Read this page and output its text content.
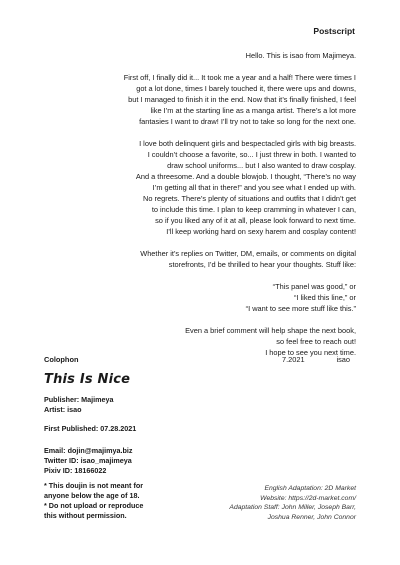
Postscript

Hello. This is isao from Majimeya.

First off, I finally did it... It took me a year and a half! There were times I

got a lot done, times I barely touched it, there were ups and downs,

but I managed to finish it in the end. Now that it’s finally finished, I feel

like I’m at the starting line as a manga artist. There’s a lot more

fantasies I want to draw! I’ll try not to take so long for the next one.

I love both delinquent girls and bespectacled girls with big breasts.

I couldn’t choose a favorite, so... I just threw in both. I wanted to

draw school uniforms... but I also wanted to draw cosplay.

And a threesome. And a double blowjob. I thought, “There’s no way

I’m getting all that in there!” and you see what I ended up with.

No regrets. There’s plenty of situations and outfits that I didn’t get

to include this time. I plan to keep cramming in whatever I can,

so if you liked any of it at all, please look forward to next time.

I’ll keep working hard on sexy harem and cosplay content!

Whether it’s replies on Twitter, DM, emails, or comments on digital

storefronts, I’d be thrilled to hear your thoughts. Stuff like:

“This panel was good,” or

“I liked this line,” or

“I want to see more stuff like this.”

Even a brief comment will help shape the next book,

so feel free to reach out!

I hope to see you next time.

Colophon	7.2021	isao
This Is Nice
Publisher: Majimeya
Artist: isao
First Published: 07.28.2021
Email: dojin@majimya.biz
Twitter ID: isao_majimeya
Pixiv ID: 18166022
* This doujin is not meant for
anyone below the age of 18.
* Do not upload or reproduce
this without permission.
English Adaptation: 2D Market
Website: https://2d-market.com/
Adaptation Staff: John Miller, Joseph Barr,
Joshua Renner, John Connor
